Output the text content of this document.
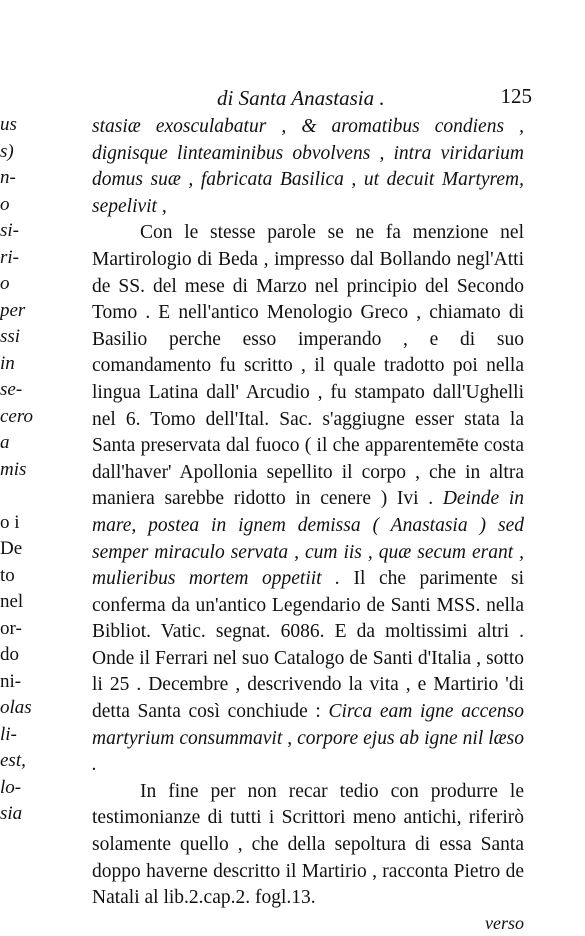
us
s)
n-
o
si-
ri-
o
per
ssi
in
se-
cero
a
mis
o i
De
to
nel
or-
do
ni-
olas
li-
est,
lo-
sia
di Santa Anastasia .	125

stasiæ exosculabatur , & aromatibus condiens , dignisque linteaminibus obvolvens , intra viridarium domus suæ , fabricata Basilica , ut decuit Martyrem, sepelivit ,

Con le stesse parole se ne fa menzione nel Martirologio di Beda , impresso dal Bollando negl'Atti de SS. del mese di Marzo nel principio del Secondo Tomo . E nell'antico Menologio Greco , chiamato di Basilio perche esso imperando , e di suo comandamento fu scritto , il quale tradotto poi nella lingua Latina dall' Arcudio , fu stampato dall'Ughelli nel 6. Tomo dell'Ital. Sac. s'aggiugne esser stata la Santa preservata dal fuoco ( il che apparentemēte costa dall'haver' Apollonia sepellito il corpo , che in altra maniera sarebbe ridotto in cenere ) Ivi . Deinde in mare, postea in ignem demissa ( Anastasia ) sed semper miraculo servata , cum iis , quæ secum erant , mulieribus mortem oppetiit . Il che parimente si conferma da un'antico Legendario de Santi MSS. nella Bibliot. Vatic. segnat. 6086. E da moltissimi altri . Onde il Ferrari nel suo Catalogo de Santi d'Italia , sotto li 25 . Decembre , descrivendo la vita , e Martirio 'di detta Santa così conchiude : Circa eam igne accenso martyrium consummavit , corpore ejus ab igne nil læso .

In fine per non recar tedio con produrre le testimonianze di tutti i Scrittori meno antichi, riferirò solamente quello , che della sepoltura di essa Santa doppo haverne descritto il Martirio , racconta Pietro de Natali al lib.2.cap.2. fogl.13.

verso
